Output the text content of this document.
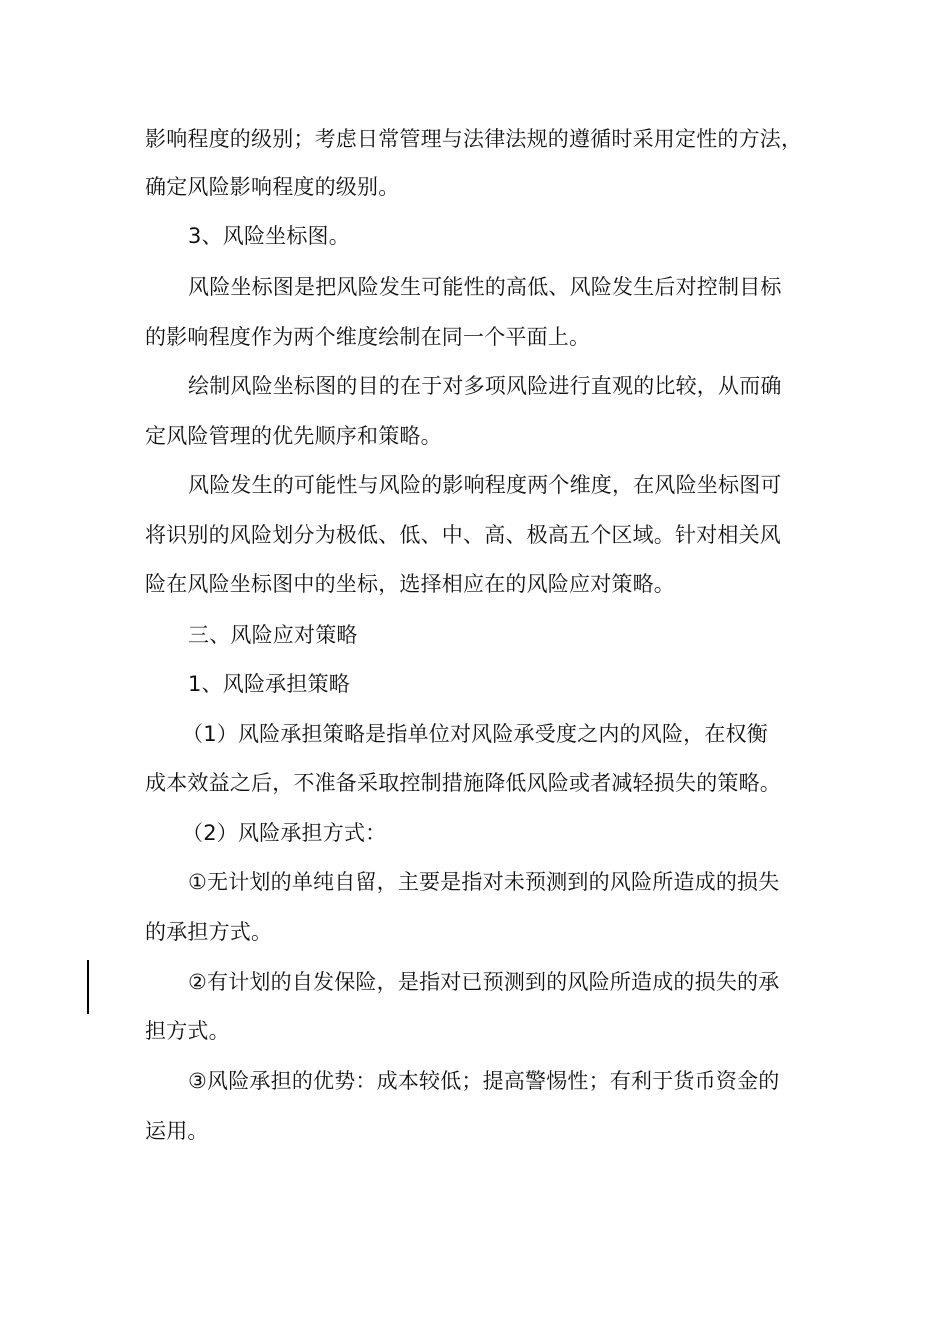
影响程度的级别；考虑日常管理与法律法规的遵循时采用定性的方法，
确定风险影响程度的级别。
3、风险坐标图。
风险坐标图是把风险发生可能性的高低、风险发生后对控制目标
的影响程度作为两个维度绘制在同一个平面上。
绘制风险坐标图的目的在于对多项风险进行直观的比较，从而确
定风险管理的优先顺序和策略。
风险发生的可能性与风险的影响程度两个维度，在风险坐标图可
将识别的风险划分为极低、低、中、高、极高五个区域。针对相关风
险在风险坐标图中的坐标，选择相应在的风险应对策略。
三、风险应对策略
1、风险承担策略
（1）风险承担策略是指单位对风险承受度之内的风险，在权衡
成本效益之后，不准备采取控制措施降低风险或者减轻损失的策略。
（2）风险承担方式：
①无计划的单纯自留，主要是指对未预测到的风险所造成的损失
的承担方式。
②有计划的自发保险，是指对已预测到的风险所造成的损失的承
担方式。
③风险承担的优势：成本较低；提高警惕性；有利于货币资金的
运用。
